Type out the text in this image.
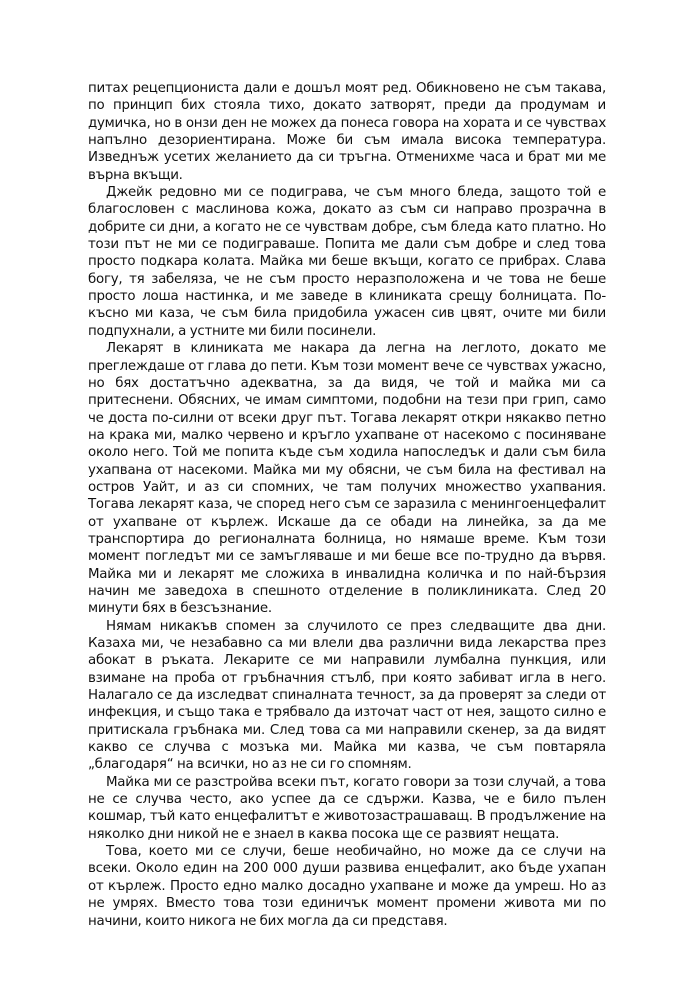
питах рецепциониста дали е дошъл моят ред. Обикновено не съм такава, по принцип бих стояла тихо, докато затворят, преди да продумам и думичка, но в онзи ден не можех да понеса говора на хората и се чувствах напълно дезориентирана. Може би съм имала висока температура. Изведнъж усетих желанието да си тръгна. Отменихме часа и брат ми ме върна вкъщи.

Джейк редовно ми се подиграва, че съм много бледа, защото той е благословен с маслинова кожа, докато аз съм си направо прозрачна в добрите си дни, а когато не се чувствам добре, съм бледа като платно. Но този път не ми се подиграваше. Попита ме дали съм добре и след това просто подкара колата. Майка ми беше вкъщи, когато се прибрах. Слава богу, тя забеляза, че не съм просто неразположена и че това не беше просто лоша настинка, и ме заведе в клиниката срещу болницата. По-късно ми каза, че съм била придобила ужасен сив цвят, очите ми били подпухнали, а устните ми били посинели.

Лекарят в клиниката ме накара да легна на леглото, докато ме преглеждаше от глава до пети. Към този момент вече се чувствах ужасно, но бях достатъчно адекватна, за да видя, че той и майка ми са притеснени. Обясних, че имам симптоми, подобни на тези при грип, само че доста по-силни от всеки друг път. Тогава лекарят откри някакво петно на крака ми, малко червено и кръгло ухапване от насекомо с посиняване около него. Той ме попита къде съм ходила напоследък и дали съм била ухапвана от насекоми. Майка ми му обясни, че съм била на фестивал на остров Уайт, и аз си спомних, че там получих множество ухапвания. Тогава лекарят каза, че според него съм се заразила с менингоенцефалит от ухапване от кърлеж. Искаше да се обади на линейка, за да ме транспортира до регионалната болница, но нямаше време. Към този момент погледът ми се замъгляваше и ми беше все по-трудно да вървя. Майка ми и лекарят ме сложиха в инвалидна количка и по най-бързия начин ме заведоха в спешното отделение в поликлиниката. След 20 минути бях в безсъзнание.

Нямам никакъв спомен за случилото се през следващите два дни. Казаха ми, че незабавно са ми влели два различни вида лекарства през абокат в ръката. Лекарите се ми направили лумбална пункция, или взимане на проба от гръбначния стълб, при която забиват игла в него. Налагало се да изследват спиналната течност, за да проверят за следи от инфекция, и също така е трябвало да източат част от нея, защото силно е притискала гръбнака ми. След това са ми направили скенер, за да видят какво се случва с мозъка ми. Майка ми казва, че съм повтаряла „благодаря“ на всички, но аз не си го спомням.

Майка ми се разстройва всеки път, когато говори за този случай, а това не се случва често, ако успее да се сдържи. Казва, че е било пълен кошмар, тъй като енцефалитът е животозастрашаващ. В продължение на няколко дни никой не е знаел в каква посока ще се развият нещата.

Това, което ми се случи, беше необичайно, но може да се случи на всеки. Около един на 200 000 души развива енцефалит, ако бъде ухапан от кърлеж. Просто едно малко досадно ухапване и може да умреш. Но аз не умрях. Вместо това този единичък момент промени живота ми по начини, които никога не бих могла да си представя.
